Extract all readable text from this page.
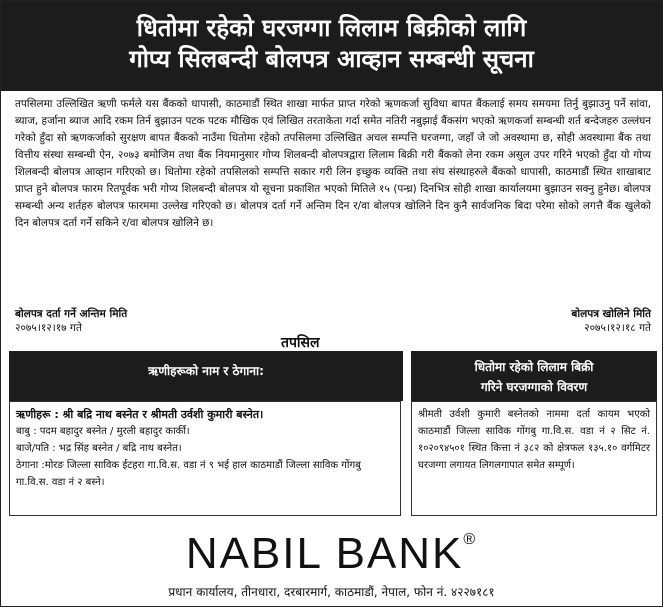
धितोमा रहेको घरजग्गा लिलाम बिक्रीको लागि
गोप्य सिलबन्दी बोलपत्र आव्हान सम्बन्धी सूचना
तपसिलमा उल्लिखित ऋणी फर्मले यस बैंकको धापासी, काठमाडौं स्थित शाखा मार्फत प्राप्त गरेको ऋणकर्जा सुविधा बापत बैंकलाई समय समयमा तिर्नु बुझाउनु पर्ने सांवा, ब्याज, हर्जाना ब्याज आदि रकम तिर्न बुझाउन पटक पटक मौखिक एवं लिखित तरताकेता गर्दा समेत नतिरी नबुझाई बैंकसंग भएको ऋणकर्जा सम्बन्धी शर्त बन्देजहरु उल्लंघन गरेको हुँदा सो ऋणकर्जाको सुरक्षण बापत बैंकको नाउँमा धितोमा रहेको तपसिलमा उल्लिखित अचल सम्पत्ति घरजग्गा, जहाँ जे जो अवस्थामा छ, सोही अवस्थामा बैंक तथा वित्तीय संस्था सम्बन्धी ऐन, २०७३ बमोजिम तथा बैंक नियमानुसार गोप्य शिलबन्दी बोलपत्रद्वारा लिलाम बिक्री गरी बैंकको लेना रकम असुल उपर गरिने भएको हुँदा यो गोप्य शिलबन्दी बोलपत्र आव्हान गरिएको छ। धितोमा रहेको तपसिलको सम्पत्ति सकार गरी लिन इच्छुक व्यक्ति तथा संघ संस्थाहरुले बैंकको धापासी, काठमाडौं स्थित शाखाबाट प्राप्त हुने बोलपत्र फारम रितपूर्वक भरी गोप्य शिलबन्दी बोलपत्र यो सूचना प्रकाशित भएको मितिले १५ (पन्ध्र) दिनभित्र सोही शाखा कार्यालयमा बुझाउन सक्नु हुनेछ। बोलपत्र सम्बन्धी अन्य शर्तहरु बोलपत्र फारममा उल्लेख गरिएको छ। बोलपत्र दर्ता गर्ने अन्तिम दिन र/वा बोलपत्र खोलिने दिन कुनै सार्वजनिक बिदा परेमा सोको लगत्तै बैंक खुलेको दिन बोलपत्र दर्ता गर्ने सकिने र/वा बोलपत्र खोलिने छ।
बोलपत्र दर्ता गर्ने अन्तिम मिति
२०७५।१२।१७ गते
बोलपत्र खोलिने मिति
२०७५।१२।१८ गते
तपसिल
ऋणीहरूको नाम र ठेगाना:	धितोमा रहेको लिलाम बिक्री
गरिने घरजग्गाको विवरण
ऋणीहरू : श्री बद्रि नाथ बस्नेत र श्रीमती उर्वशी कुमारी बस्नेत।
बाबु : पदम बहादुर बस्नेत / मुरली बहादुर कार्की।
बाजे/पति : भद्र सिंह बस्नेत / बद्रि नाथ बस्नेत।
ठेगाना :मोरङ जिल्ला साविक ईटहरा गा.वि.स. वडा नं ९ भई हाल काठमाडौं जिल्ला साविक गोंगबु गा.वि.स. वडा नं २ बस्ने।
श्रीमती उर्वशी कुमारी बस्नेतको नाममा दर्ता कायम भएको काठमाडौं जिल्ला साविक गोंगबु गा.वि.स. वडा नं २ सिट नं. १०२०९४५०१ स्थित कित्ता नं ३८२ को क्षेत्रफल १३५.१० वर्गमिटर घरजग्गा लगायत लिगलगापात समेत सम्पूर्ण।
NABIL BANK®
प्रधान कार्यालय, तीनधारा, दरबारमार्ग, काठमाडौं, नेपाल, फोन नं. ४२२७१८१
